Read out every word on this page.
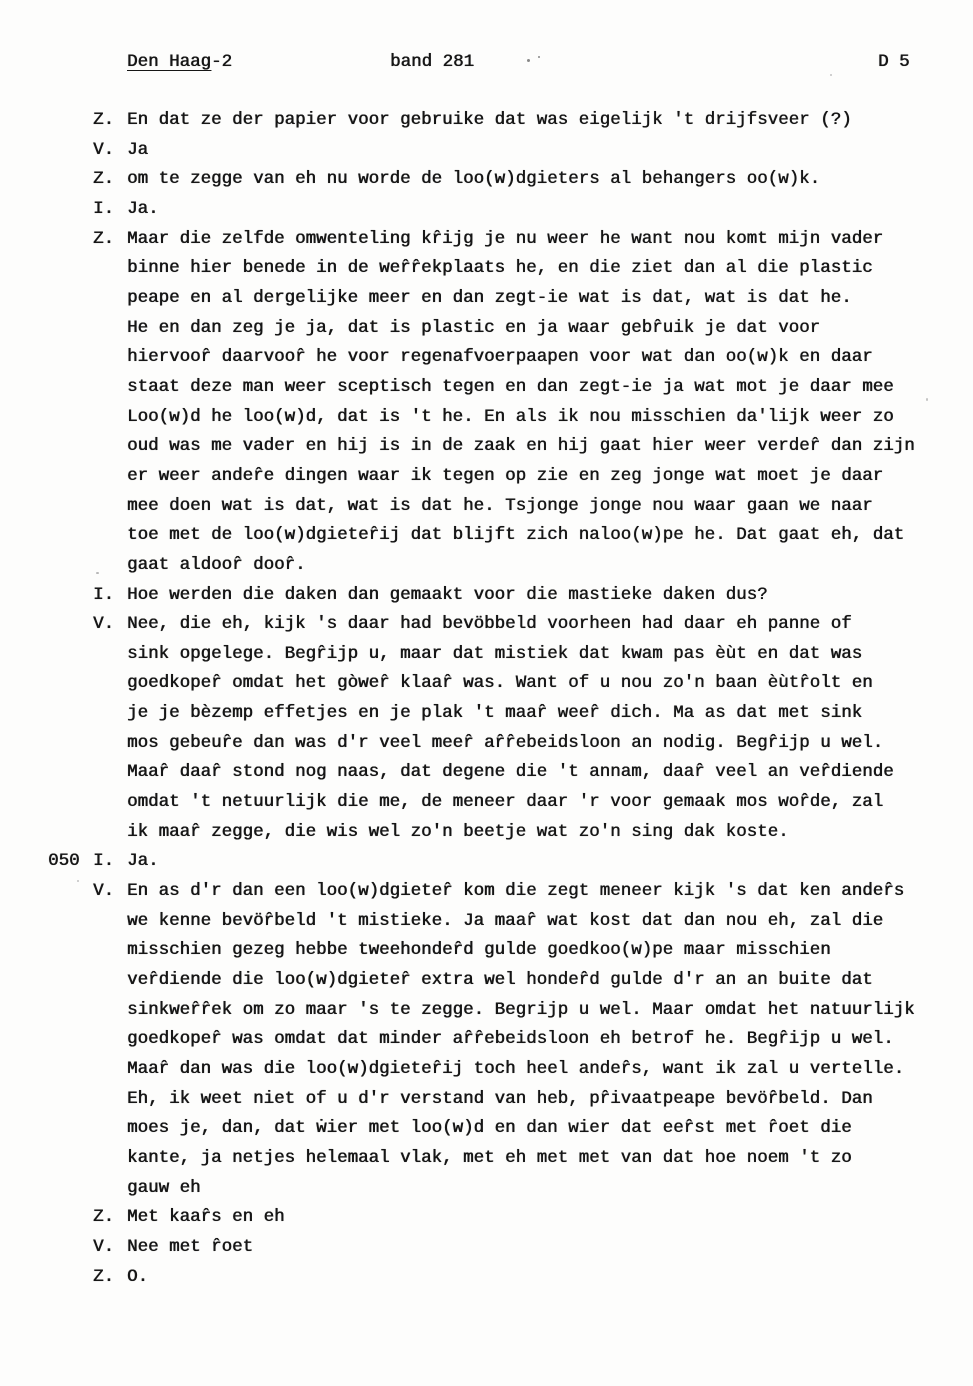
Den Haag-2	band 281	D 5
Z. En dat ze der papier voor gebruike dat was eigelijk 't drijfsveer (?)
V. Ja
Z. om te zegge van eh nu worde de loo(w)dgieters al behangers oo(w)k.
I. Ja.
Z. Maar die zelfde omwenteling kr̂ijg je nu weer he want nou komt mijn vader
binne hier benede in de wer̂r̂ekplaats he, en die ziet dan al die plastic
peape en al dergelijke meer en dan zegt-ie wat is dat, wat is dat he.
He en dan zeg je ja, dat is plastic en ja waar gebr̂uik je dat voor
hiervoor̂ daarvoor̂ he voor regenafvoerpaapen voor wat dan oo(w)k en daar
staat deze man weer sceptisch tegen en dan zegt-ie ja wat mot je daar mee
Loo(w)d he loo(w)d, dat is 't he. En als ik nou misschien da'lijk weer zo
oud was me vader en hij is in de zaak en hij gaat hier weer verder̂ dan zijn
er weer ander̂e dingen waar ik tegen op zie en zeg jonge wat moet je daar
mee doen wat is dat, wat is dat he. Tsjonge jonge nou waar gaan we naar
toe met de loo(w)dgieter̂ij dat blijft zich naloo(w)pe he. Dat gaat eh, dat
gaat aldoor̂ door̂.
I. Hoe werden die daken dan gemaakt voor die mastieke daken dus?
V. Nee, die eh, kijk 's daar had bevöbbeld voorheen had daar eh panne of
sink opgelege. Begr̂ijp u, maar dat mistiek dat kwam pas èùt en dat was
goedkoper̂ omdat het gòwer̂ klaar̂ was. Want of u nou zo'n baan èùtr̂olt en
je je bèzemp effetjes en je plak 't maar̂ weer̂ dich. Ma as dat met sink
mos gebeur̂e dan was d'r veel meer̂ ar̂r̂ebeidsloon an nodig. Begr̂ijp u wel.
Maar̂ daar̂ stond nog naas, dat degene die 't annam, daar̂ veel an ver̂diende
omdat 't netuurlijk die me, de meneer daar 'r voor gemaak mos wor̂de, zal
ik maar̂ zegge, die wis wel zo'n beetje wat zo'n sing dak koste.
050 I. Ja.
V. En as d'r dan een loo(w)dgieter̂ kom die zegt meneer kijk 's dat ken ander̂s
we kenne bevör̂beld 't mistieke. Ja maar̂ wat kost dat dan nou eh, zal die
misschien gezeg hebbe tweehonder̂d gulde goedkoo(w)pe maar misschien
ver̂diende die loo(w)dgieter̂ extra wel honder̂d gulde d'r an an buite dat
sinkwer̂r̂ek om zo maar 's te zegge. Begrijp u wel. Maar omdat het natuurlijk
goedkoper̂ was omdat dat minder ar̂r̂ebeidsloon eh betrof he. Begr̂ijp u wel.
Maar̂ dan was die loo(w)dgieter̂ij toch heel ander̂s, want ik zal u vertelle.
Eh, ik weet niet of u d'r verstand van heb, pr̂ivaatpeape bevör̂beld. Dan
moes je, dan, dat ẇier met loo(w)d en dan wier dat eer̂st met r̂oet die
kante, ja netjes helemaal vlak, met eh met met van dat hoe noem 't zo
gauw eh
Z. Met kaar̂s en eh
V. Nee met r̂oet
Z. O.
